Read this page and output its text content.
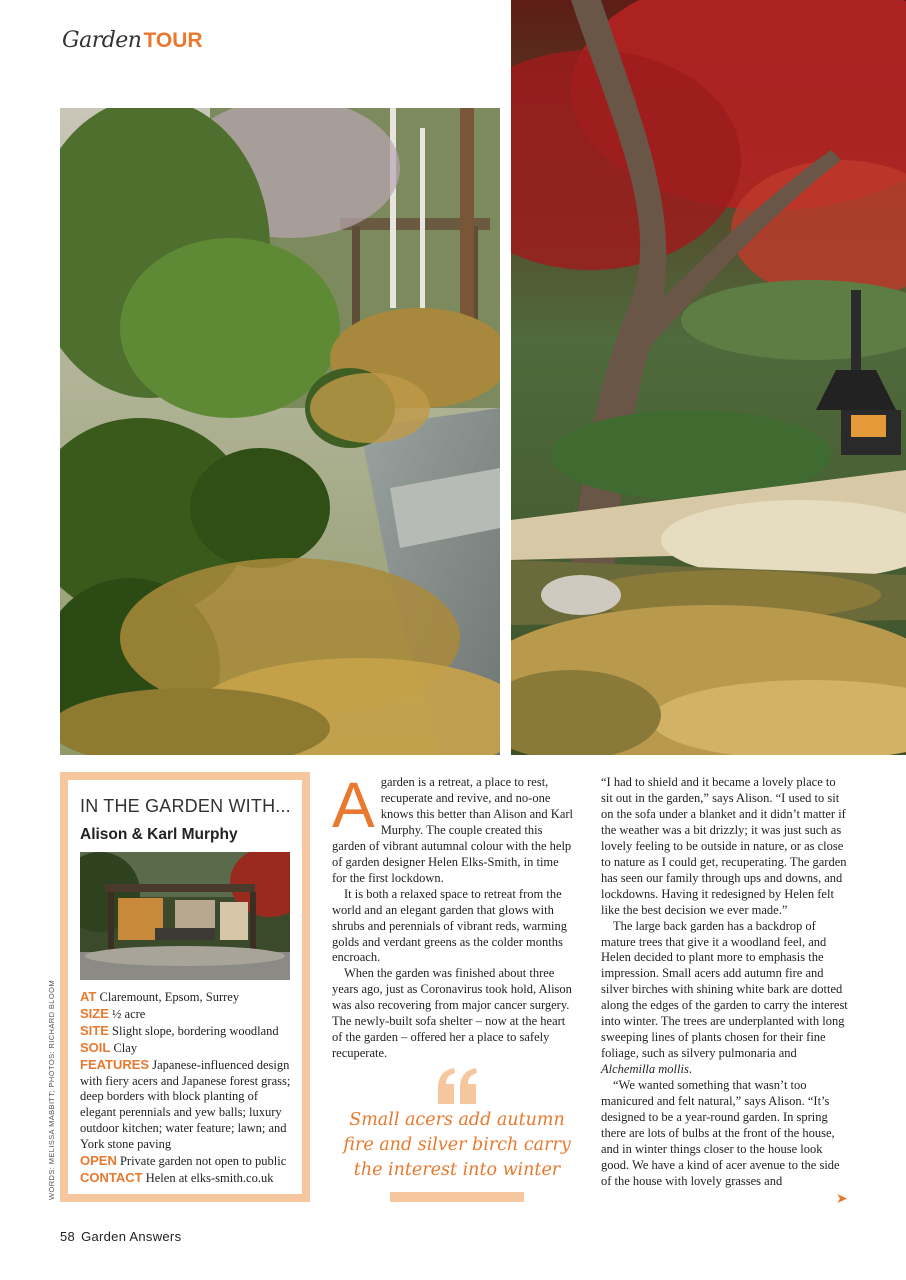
Garden TOUR
IN THE GARDEN WITH...
Alison & Karl Murphy

AT Claremount, Epsom, Surrey

SIZE ½ acre

SITE Slight slope, bordering woodland

SOIL Clay

FEATURES Japanese-influenced design with fiery acers and Japanese forest grass; deep borders with block planting of elegant perennials and yew balls; luxury outdoor kitchen; water feature; lawn; and York stone paving

OPEN Private garden not open to public

CONTACT Helen at elks-smith.co.uk

WORDS: MELISSA MABBITT; PHOTOS: RICHARD BLOOM

Agarden is a retreat, a place to rest, recuperate and revive, and no-one knows this better than Alison and Karl Murphy. The couple created this garden of vibrant autumnal colour with the help of garden designer Helen Elks-Smith, in time for the first lockdown.

It is both a relaxed space to retreat from the world and an elegant garden that glows with shrubs and perennials of vibrant reds, warming golds and verdant greens as the colder months encroach.

When the garden was finished about three years ago, just as Coronavirus took hold, Alison was also recovering from major cancer surgery. The newly-built sofa shelter – now at the heart of the garden – offered her a place to safely recuperate.

Small acers add autumn fire and silver birch carry the interest into winter

“I had to shield and it became a lovely place to sit out in the garden,” says Alison. “I used to sit on the sofa under a blanket and it didn’t matter if the weather was a bit drizzly; it was just such as lovely feeling to be outside in nature, or as close to nature as I could get, recuperating. The garden has seen our family through ups and downs, and lockdowns. Having it redesigned by Helen felt like the best decision we ever made.”

The large back garden has a backdrop of mature trees that give it a woodland feel, and Helen decided to plant more to emphasis the impression. Small acers add autumn fire and silver birches with shining white bark are dotted along the edges of the garden to carry the interest into winter. The trees are underplanted with long sweeping lines of plants chosen for their fine foliage, such as silvery pulmonaria and Alchemilla mollis.

“We wanted something that wasn’t too manicured and felt natural,” says Alison. “It’s designed to be a year-round garden. In spring there are lots of bulbs at the front of the house, and in winter things closer to the house look good. We have a kind of acer avenue to the side of the house with lovely grasses and

➤
58 Garden Answers
